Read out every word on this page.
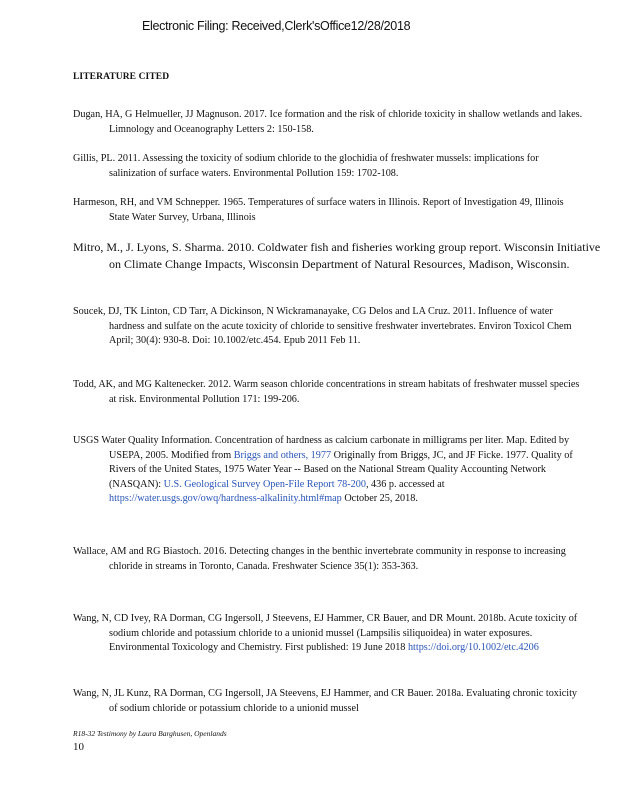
Electronic Filing: Received,Clerk'sOffice12/28/2018
LITERATURE CITED
Dugan, HA, G Helmueller, JJ Magnuson. 2017. Ice formation and the risk of chloride toxicity in shallow wetlands and lakes. Limnology and Oceanography Letters 2: 150-158.
Gillis, PL. 2011. Assessing the toxicity of sodium chloride to the glochidia of freshwater mussels: implications for salinization of surface waters. Environmental Pollution 159: 1702-108.
Harmeson, RH, and VM Schnepper. 1965. Temperatures of surface waters in Illinois. Report of Investigation 49, Illinois State Water Survey, Urbana, Illinois
Mitro, M., J. Lyons, S. Sharma. 2010. Coldwater fish and fisheries working group report. Wisconsin Initiative on Climate Change Impacts, Wisconsin Department of Natural Resources, Madison, Wisconsin.
Soucek, DJ, TK Linton, CD Tarr, A Dickinson, N Wickramanayake, CG Delos and LA Cruz. 2011. Influence of water hardness and sulfate on the acute toxicity of chloride to sensitive freshwater invertebrates. Environ Toxicol Chem April; 30(4): 930-8. Doi: 10.1002/etc.454. Epub 2011 Feb 11.
Todd, AK, and MG Kaltenecker. 2012. Warm season chloride concentrations in stream habitats of freshwater mussel species at risk. Environmental Pollution 171: 199-206.
USGS Water Quality Information. Concentration of hardness as calcium carbonate in milligrams per liter. Map. Edited by USEPA, 2005. Modified from Briggs and others, 1977 Originally from Briggs, JC, and JF Ficke. 1977. Quality of Rivers of the United States, 1975 Water Year -- Based on the National Stream Quality Accounting Network (NASQAN): U.S. Geological Survey Open-File Report 78-200, 436 p. accessed at https://water.usgs.gov/owq/hardness-alkalinity.html#map October 25, 2018.
Wallace, AM and RG Biastoch. 2016. Detecting changes in the benthic invertebrate community in response to increasing chloride in streams in Toronto, Canada. Freshwater Science 35(1): 353-363.
Wang, N, CD Ivey, RA Dorman, CG Ingersoll, J Steevens, EJ Hammer, CR Bauer, and DR Mount. 2018b. Acute toxicity of sodium chloride and potassium chloride to a unionid mussel (Lampsilis siliquoidea) in water exposures. Environmental Toxicology and Chemistry. First published: 19 June 2018 https://doi.org/10.1002/etc.4206
Wang, N, JL Kunz, RA Dorman, CG Ingersoll, JA Steevens, EJ Hammer, and CR Bauer. 2018a. Evaluating chronic toxicity of sodium chloride or potassium chloride to a unionid mussel
R18-32 Testimony by Laura Barghusen, Openlands
10
